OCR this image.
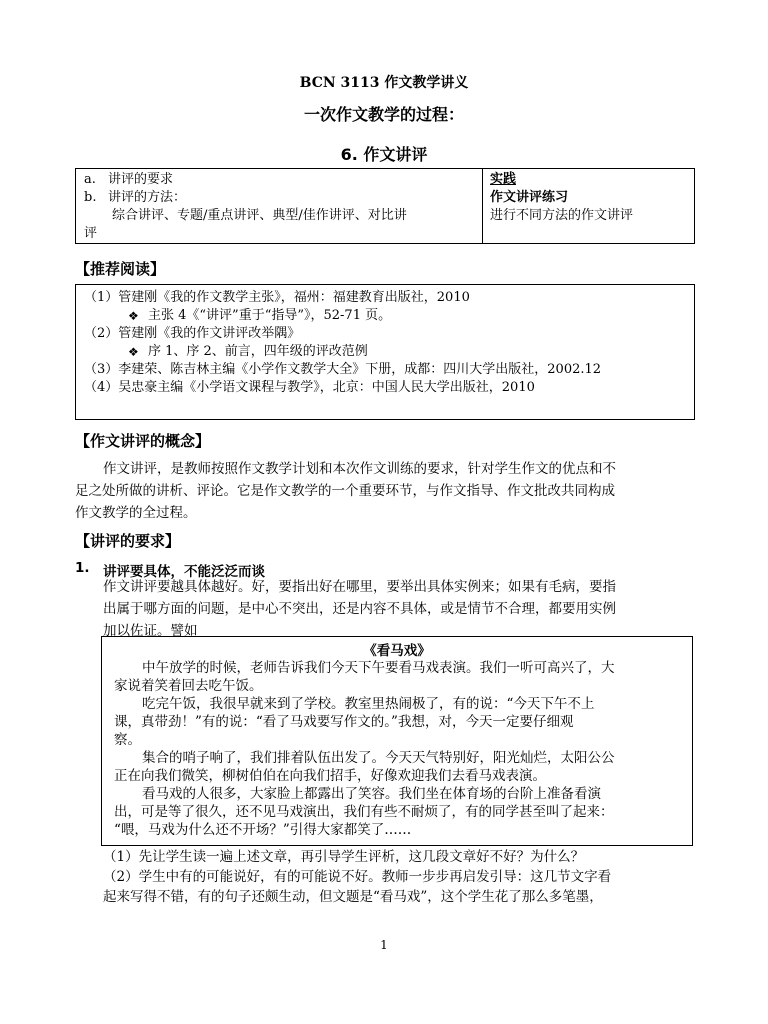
BCN 3113 作文教学讲义
一次作文教学的过程：
6. 作文讲评
a. 讲评的要求
b. 讲评的方法：
综合讲评、专题/重点讲评、典型/佳作讲评、对比讲
评
实践
作文讲评练习
进行不同方法的作文讲评
【推荐阅读】
（1）管建刚《我的作文教学主张》，福州：福建教育出版社，2010
❖ 主张 4《“讲评”重于“指导”》，52-71 页。
（2）管建刚《我的作文讲评改举隅》
❖ 序 1、序 2、前言，四年级的评改范例
（3）李建荣、陈吉林主编《小学作文教学大全》下册，成都：四川大学出版社，2002.12
（4）吴忠豪主编《小学语文课程与教学》，北京：中国人民大学出版社，2010
【作文讲评的概念】
作文讲评，是教师按照作文教学计划和本次作文训练的要求，针对学生作文的优点和不
足之处所做的讲析、评论。它是作文教学的一个重要环节，与作文指导、作文批改共同构成
作文教学的全过程。
【讲评的要求】
1. 讲评要具体，不能泛泛而谈
作文讲评要越具体越好。好，要指出好在哪里，要举出具体实例来；如果有毛病，要指
出属于哪方面的问题，是中心不突出，还是内容不具体，或是情节不合理，都要用实例
加以佐证。譬如
《看马戏》
中午放学的时候，老师告诉我们今天下午要看马戏表演。我们一听可高兴了，大
家说着笑着回去吃午饭。
吃完午饭，我很早就来到了学校。教室里热闹极了，有的说：“今天下午不上
课，真带劲！”有的说：“看了马戏要写作文的。”我想，对，今天一定要仔细观
察。
集合的哨子响了，我们排着队伍出发了。今天天气特别好，阳光灿烂，太阳公公
正在向我们微笑，柳树伯伯在向我们招手，好像欢迎我们去看马戏表演。
看马戏的人很多，大家脸上都露出了笑容。我们坐在体育场的台阶上准备看演
出，可是等了很久，还不见马戏演出，我们有些不耐烦了，有的同学甚至叫了起来：
“喂，马戏为什么还不开场？”引得大家都笑了……
（1）先让学生读一遍上述文章，再引导学生评析，这几段文章好不好？为什么？
（2）学生中有的可能说好，有的可能说不好。教师一步步再启发引导：这几节文字看
起来写得不错，有的句子还颇生动，但文题是“看马戏”，这个学生花了那么多笔墨，
1
